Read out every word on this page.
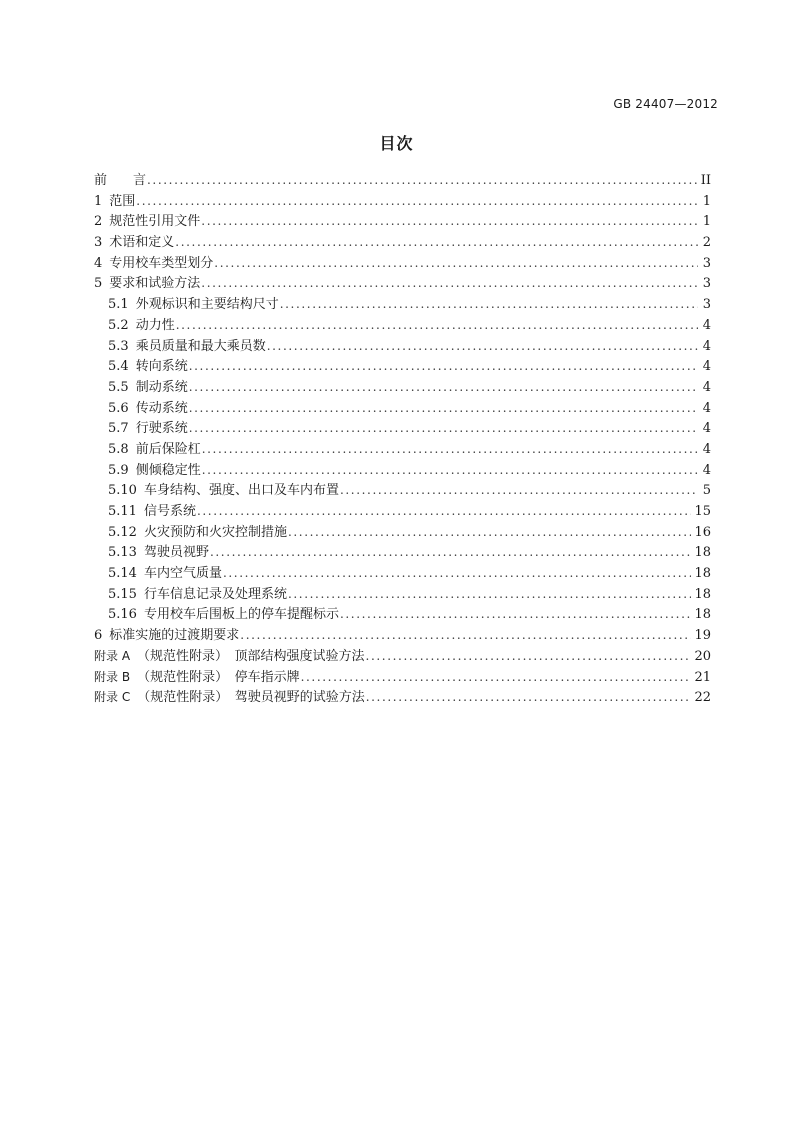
GB 24407—2012
目次
前　　言 .....	II
1 范围 .....	1
2 规范性引用文件 .....	1
3 术语和定义 .....	2
4 专用校车类型划分 .....	3
5 要求和试验方法 .....	3
5.1 外观标识和主要结构尺寸 .....	3
5.2 动力性 .....	4
5.3 乘员质量和最大乘员数 .....	4
5.4 转向系统 .....	4
5.5 制动系统 .....	4
5.6 传动系统 .....	4
5.7 行驶系统 .....	4
5.8 前后保险杠 .....	4
5.9 侧倾稳定性 .....	4
5.10 车身结构、强度、出口及车内布置 .....	5
5.11 信号系统 .....	15
5.12 火灾预防和火灾控制措施 .....	16
5.13 驾驶员视野 .....	18
5.14 车内空气质量 .....	18
5.15 行车信息记录及处理系统 .....	18
5.16 专用校车后围板上的停车提醒标示 .....	18
6 标准实施的过渡期要求 .....	19
附录 A （规范性附录）　顶部结构强度试验方法 .....	20
附录 B （规范性附录）　停车指示牌 .....	21
附录 C （规范性附录）　驾驶员视野的试验方法 .....	22
